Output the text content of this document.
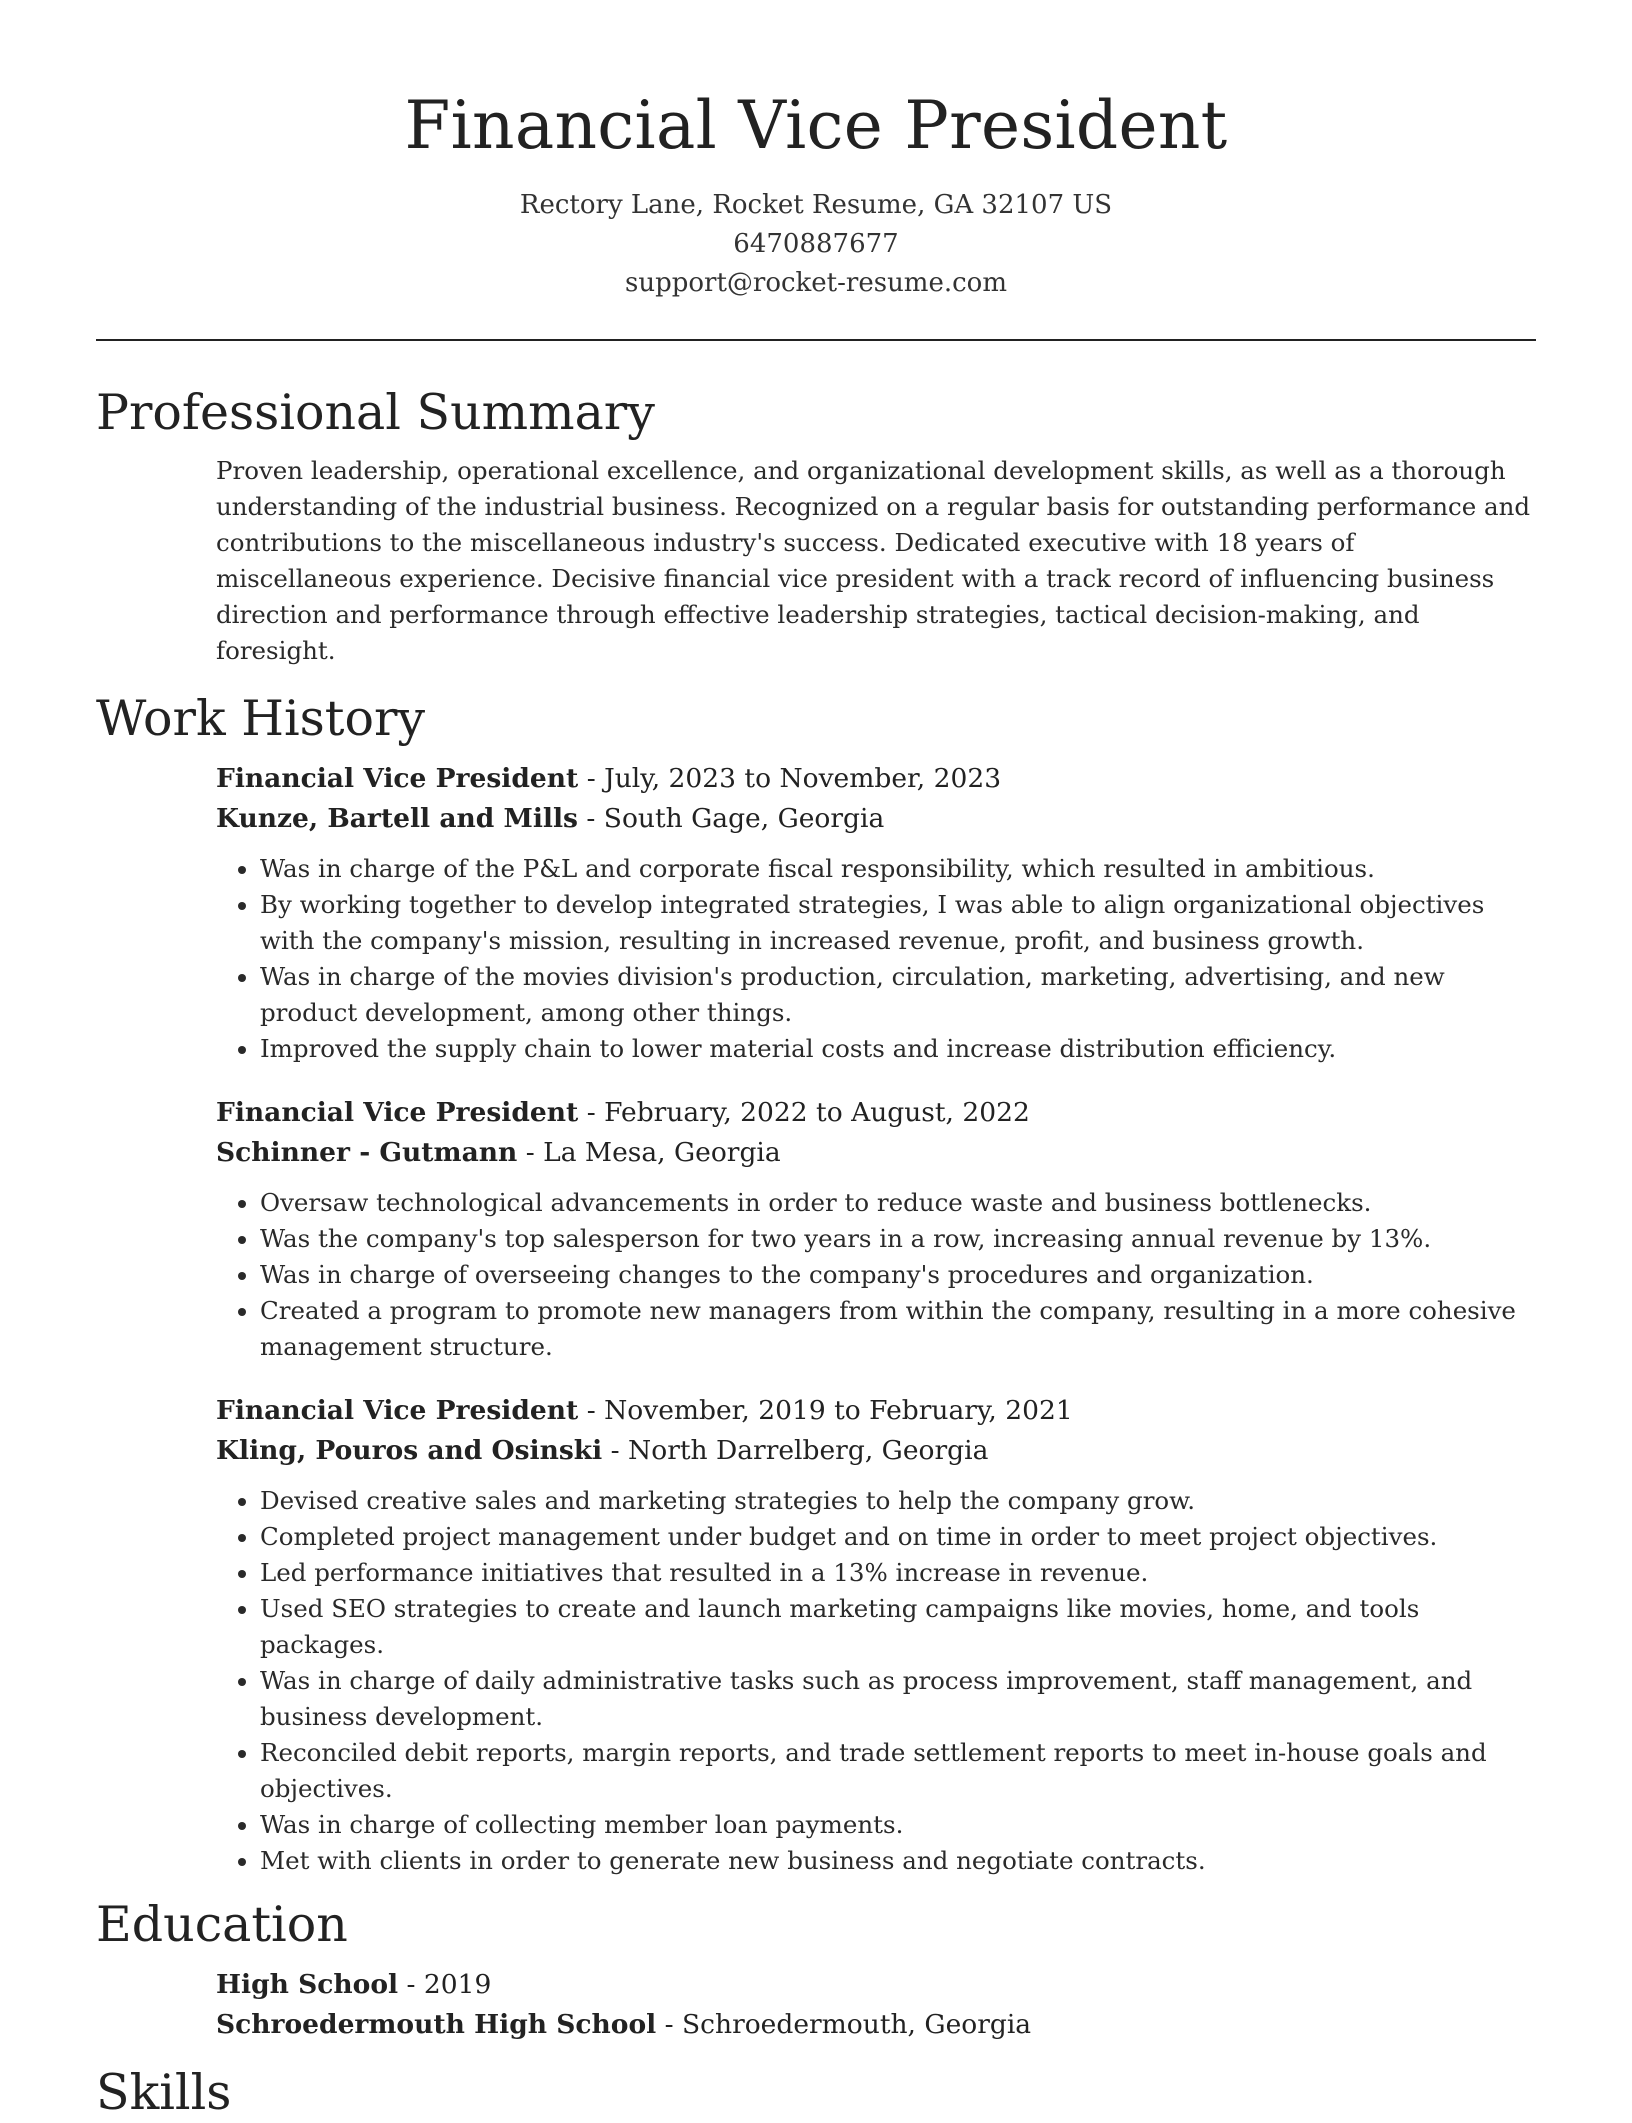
Financial Vice President
Rectory Lane, Rocket Resume, GA 32107 US
6470887677
support@rocket-resume.com
Professional Summary

Proven leadership, operational excellence, and organizational development skills, as well as a thorough understanding of the industrial business. Recognized on a regular basis for outstanding performance and contributions to the miscellaneous industry's success. Dedicated executive with 18 years of miscellaneous experience. Decisive financial vice president with a track record of influencing business direction and performance through effective leadership strategies, tactical decision-making, and foresight.

Work History
Financial Vice President - July, 2023 to November, 2023
Kunze, Bartell and Mills - South Gage, Georgia
• Was in charge of the P&L and corporate fiscal responsibility, which resulted in ambitious.
• By working together to develop integrated strategies, I was able to align organizational objectives with the company's mission, resulting in increased revenue, profit, and business growth.
• Was in charge of the movies division's production, circulation, marketing, advertising, and new product development, among other things.
• Improved the supply chain to lower material costs and increase distribution efficiency.
Financial Vice President - February, 2022 to August, 2022
Schinner - Gutmann - La Mesa, Georgia
• Oversaw technological advancements in order to reduce waste and business bottlenecks.
• Was the company's top salesperson for two years in a row, increasing annual revenue by 13%.
• Was in charge of overseeing changes to the company's procedures and organization.
• Created a program to promote new managers from within the company, resulting in a more cohesive management structure.
Financial Vice President - November, 2019 to February, 2021
Kling, Pouros and Osinski - North Darrelberg, Georgia
• Devised creative sales and marketing strategies to help the company grow.
• Completed project management under budget and on time in order to meet project objectives.
• Led performance initiatives that resulted in a 13% increase in revenue.
• Used SEO strategies to create and launch marketing campaigns like movies, home, and tools packages.
• Was in charge of daily administrative tasks such as process improvement, staff management, and business development.
• Reconciled debit reports, margin reports, and trade settlement reports to meet in-house goals and objectives.
• Was in charge of collecting member loan payments.
• Met with clients in order to generate new business and negotiate contracts.
Education
High School - 2019
Schroedermouth High School - Schroedermouth, Georgia
Skills
